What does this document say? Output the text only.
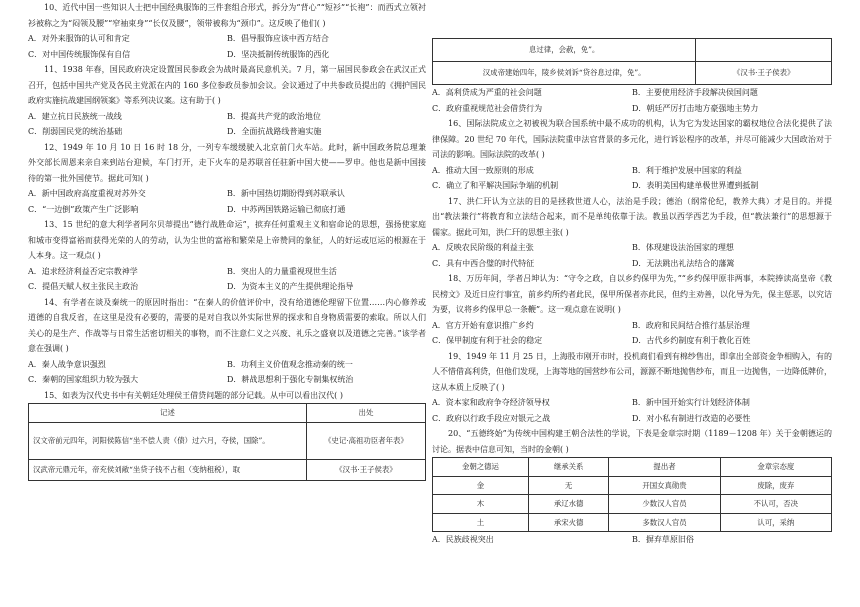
10、近代中国一些知识人士把中国经典服饰的三件套组合形式，拆分为“背心”“短衫”“长袍”：而西式立领衬衫被称之为“闷领及腰”“窄袖束身”“长仅及腰”，领带被称为“颈巾”。这反映了他们( )

A．对外来服饰的认可和肯定	B．倡导服饰应该中西方结合
C．对中国传统服饰保有自信	D．坚决抵制传统服饰的西化

11、1938 年春，国民政府决定设置国民参政会为战时最高民意机关。7 月，第一届国民参政会在武汉正式召开，包括中国共产党及各民主党派在内的 160 多位参政员参加会议。会议通过了中共参政员提出的《拥护国民政府实施抗战建国纲领案》等系列决议案。这有助于( )

A．建立抗日民族统一战线	B．提高共产党的政治地位
C．削弱国民党的统治基础	D．全面抗战路线普遍实施

12、1949 年 10 月 10 日 16 时 18 分，一列专车缓缓驶入北京前门火车站。此时，新中国政务院总理兼外交部长周恩来亲自来到站台迎候，车门打开，走下火车的是苏联首任驻新中国大使——罗申。他也是新中国接待的第一批外国使节。据此可知( )

A．新中国政府高度重视对苏外交	B．新中国热切期盼得到苏联承认
C．“一边倒”政策产生广泛影响	D．中苏两国铁路运输已彻底打通

13、15 世纪的意大利学者阿尔贝蒂提出“德行战胜命运”，摈弃任何重观主义和宿命论的思想，强扬使家庭和城市变得富裕而获得光荣的人的劳动，认为尘世的富裕和繁荣是上帝赞同的象征，人的好运或厄运的根源在于人本身。这一观点( )

A．追求经济利益否定宗教神学	B．突出人的力量重视现世生活
C．提倡天赋人权主张民主政治	D．为资本主义的产生提供理论指导

14、有学者在谈及秦统一的原因时指出：“在秦人的价值评价中，没有给道德伦理留下位置……内心修养或道德的自我反省，在这里是没有必要的，需要的是对自我以外实际世界的探求和自身物质需要的索取。所以人们关心的是生产、作战等与日常生活密切相关的事物，而不注意仁义之兴废、礼乐之盛衰以及道德之完善。”该学者意在强调( )

A．秦人战争意识强烈	B．功利主义价值观念推动秦的统一
C．秦朝的国家组织力较为强大	D．耕战思想利于强化专制集权统治

15、如表为汉代史书中有关朝廷处理侯王借贷问题的部分记载。从中可以看出汉代( )

记述	出处
汉文帝前元四年，河阳侯陈信“坐不偿人责（债）过六月，夺侯，国除”。	《史记·高祖功臣者年表》
汉武帝元鼎元年，帝充侯刘敞“坐贷子钱不占租（变纳租税），取	《汉书·王子侯表》
息过律，会赦，免”。	
汉成帝建始四年，陵乡侯刘诉“贷谷息过律，免”。	《汉书·王子侯表》
A．高利贷成为严重的社会问题	B．主要使用经济手段解决侯国问题
C．政府重视规范社会借贷行为	D．朝廷严厉打击地方豪强地主势力

16、国际法院成立之初被视为联合国系统中最不成功的机构，认为它为发达国家的霸权地位合法化提供了法律保障。20 世纪 70 年代，国际法院重申法官背景的多元化，进行诉讼程序的改革，并尽可能减少大国政治对于司法的影响。国际法院的改革( )

A．推动大国一致原则的形成	B．利于维护发展中国家的利益
C．确立了和平解决国际争端的机制	D．表明美国构建单极世界遭到抵制

17、洪仁玕认为立法的目的是拯救世道人心，法治是手段；德治（纲常伦纪，教养大典）才是目的。并提出“教法兼行”将教育和立法结合起来，而不是单纯依靠于法。教虽以西学西艺为手段，但“教法兼行”的思想源于儒家。据此可知，洪仁玕的思想主张( )

A．反映农民阶级的利益主张	B．体现建设法治国家的理想
C．具有中西合璧的时代特征	D．无法跳出礼法结合的藩篱

18、万历年间，学者吕坤认为：“守令之政，自以乡约保甲为先，”“乡约保甲原非两事，本院捧读高皇帝《教民榜文》及近日应行事宜，前乡约所约者此民，保甲所保者亦此民，但约主劝善，以化导为先，保主惩恶，以究诘为要，议将乡约保甲总一条鞭”。这一观点意在说明( )

A．官方开始有意识推广乡约	B．政府和民间结合推行基层治理
C．保甲制度有利于社会的稳定	D．古代乡约制度有利于教化百姓

19、1949 年 11 月 25 日，上海股市刚开市时，投机商们看到有棉纱售出，即拿出全部资金争相购入，有的人不惜借高利贷，但他们发现，上海等地的国营纱布公司，源源不断地抛售纱布，而且一边抛售，一边降低牌价，这从本质上反映了( )

A．资本家和政府争夺经济领导权	B．新中国开始实行计划经济体制
C．政府以行政手段应对银元之战	D．对小私有制进行改造的必要性

20、“五德终始”为传统中国构建王朝合法性的学说，下表是金章宗时期（1189－1208 年）关于金朝德运的讨论。据表中信息可知，当时的金朝( )

金朝之德运	继承关系	提出者	金章宗态度
金	无	开国女真勋贵	废除，废弃
木	承辽水德	少数汉人官员	不认可，否决
土	承宋火德	多数汉人官员	认可，采纳
A．民族歧视突出	B．摒弃草原旧俗
